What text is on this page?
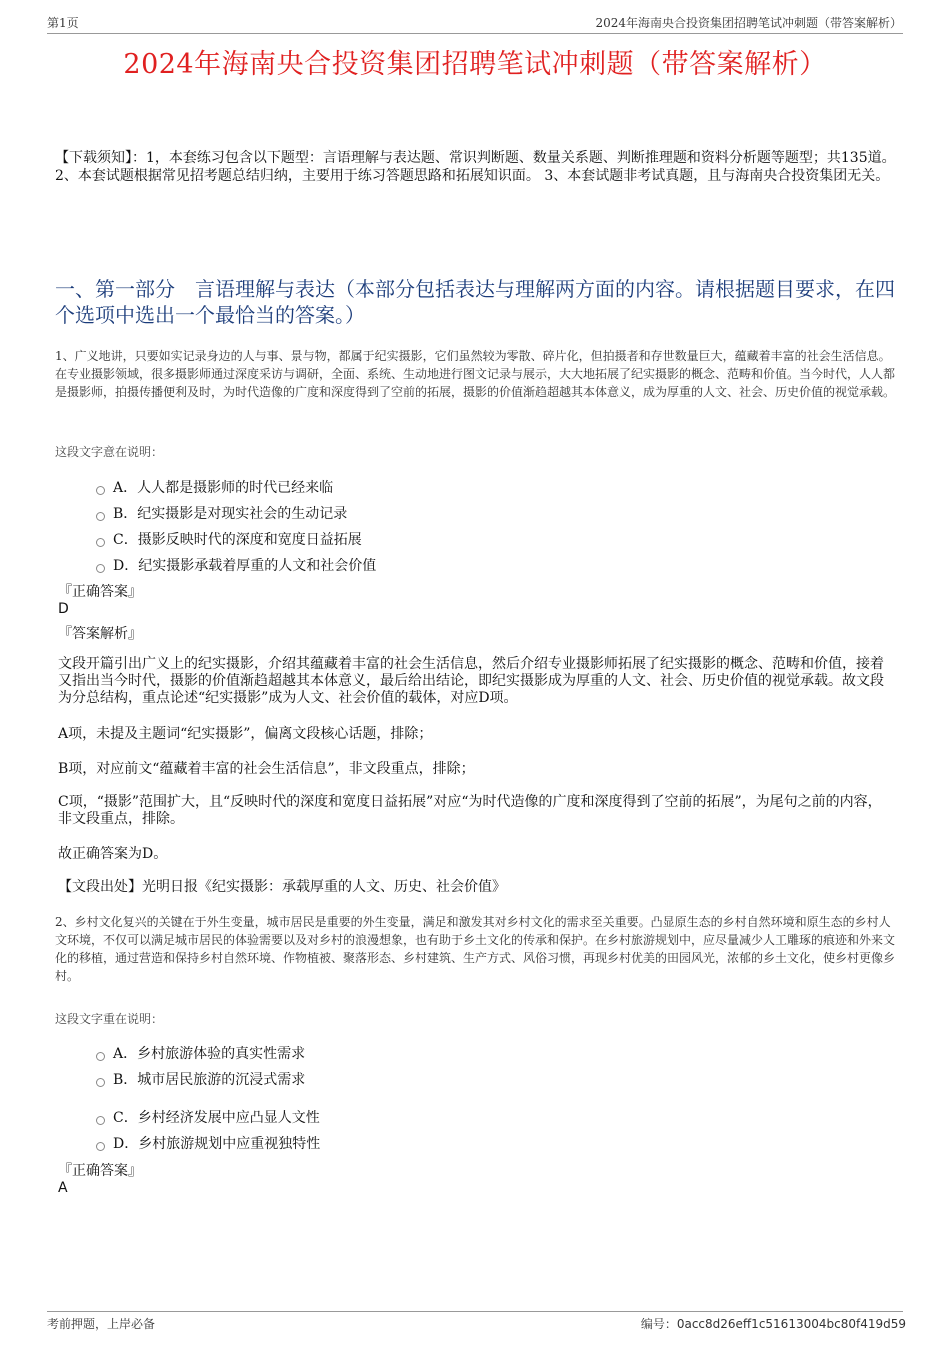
第1页	2024年海南央合投资集团招聘笔试冲刺题（带答案解析）
2024年海南央合投资集团招聘笔试冲刺题（带答案解析）
【下载须知】：1，本套练习包含以下题型：言语理解与表达题、常识判断题、数量关系题、判断推理题和资料分析题等题型；共135道。 2、本套试题根据常见招考题总结归纳，主要用于练习答题思路和拓展知识面。 3、本套试题非考试真题，且与海南央合投资集团无关。
一、第一部分　言语理解与表达（本部分包括表达与理解两方面的内容。请根据题目要求，在四个选项中选出一个最恰当的答案。）
1、广义地讲，只要如实记录身边的人与事、景与物，都属于纪实摄影，它们虽然较为零散、碎片化，但拍摄者和存世数量巨大，蕴藏着丰富的社会生活信息。在专业摄影领域，很多摄影师通过深度采访与调研，全面、系统、生动地进行图文记录与展示，大大地拓展了纪实摄影的概念、范畴和价值。当今时代，人人都是摄影师，拍摄传播便利及时，为时代造像的广度和深度得到了空前的拓展，摄影的价值渐趋超越其本体意义，成为厚重的人文、社会、历史价值的视觉承载。
这段文字意在说明：
A．人人都是摄影师的时代已经来临
B．纪实摄影是对现实社会的生动记录
C．摄影反映时代的深度和宽度日益拓展
D．纪实摄影承载着厚重的人文和社会价值
『正确答案』
D
『答案解析』
文段开篇引出广义上的纪实摄影，介绍其蕴藏着丰富的社会生活信息，然后介绍专业摄影师拓展了纪实摄影的概念、范畴和价值，接着又指出当今时代，摄影的价值渐趋超越其本体意义，最后给出结论，即纪实摄影成为厚重的人文、社会、历史价值的视觉承载。故文段为分总结构，重点论述“纪实摄影”成为人文、社会价值的载体，对应D项。
A项，未提及主题词“纪实摄影”，偏离文段核心话题，排除；
B项，对应前文“蕴藏着丰富的社会生活信息”，非文段重点，排除；
C项，“摄影”范围扩大，且“反映时代的深度和宽度日益拓展”对应“为时代造像的广度和深度得到了空前的拓展”，为尾句之前的内容，非文段重点，排除。
故正确答案为D。
【文段出处】光明日报《纪实摄影：承载厚重的人文、历史、社会价值》
2、乡村文化复兴的关键在于外生变量，城市居民是重要的外生变量，满足和激发其对乡村文化的需求至关重要。凸显原生态的乡村自然环境和原生态的乡村人文环境，不仅可以满足城市居民的体验需要以及对乡村的浪漫想象，也有助于乡土文化的传承和保护。在乡村旅游规划中，应尽量减少人工雕琢的痕迹和外来文化的移植，通过营造和保持乡村自然环境、作物植被、聚落形态、乡村建筑、生产方式、风俗习惯，再现乡村优美的田园风光，浓郁的乡土文化，使乡村更像乡村。
这段文字重在说明：
A．乡村旅游体验的真实性需求
B．城市居民旅游的沉浸式需求
C．乡村经济发展中应凸显人文性
D．乡村旅游规划中应重视独特性
『正确答案』
A
考前押题，上岸必备	编号：0acc8d26eff1c51613004bc80f419d59
